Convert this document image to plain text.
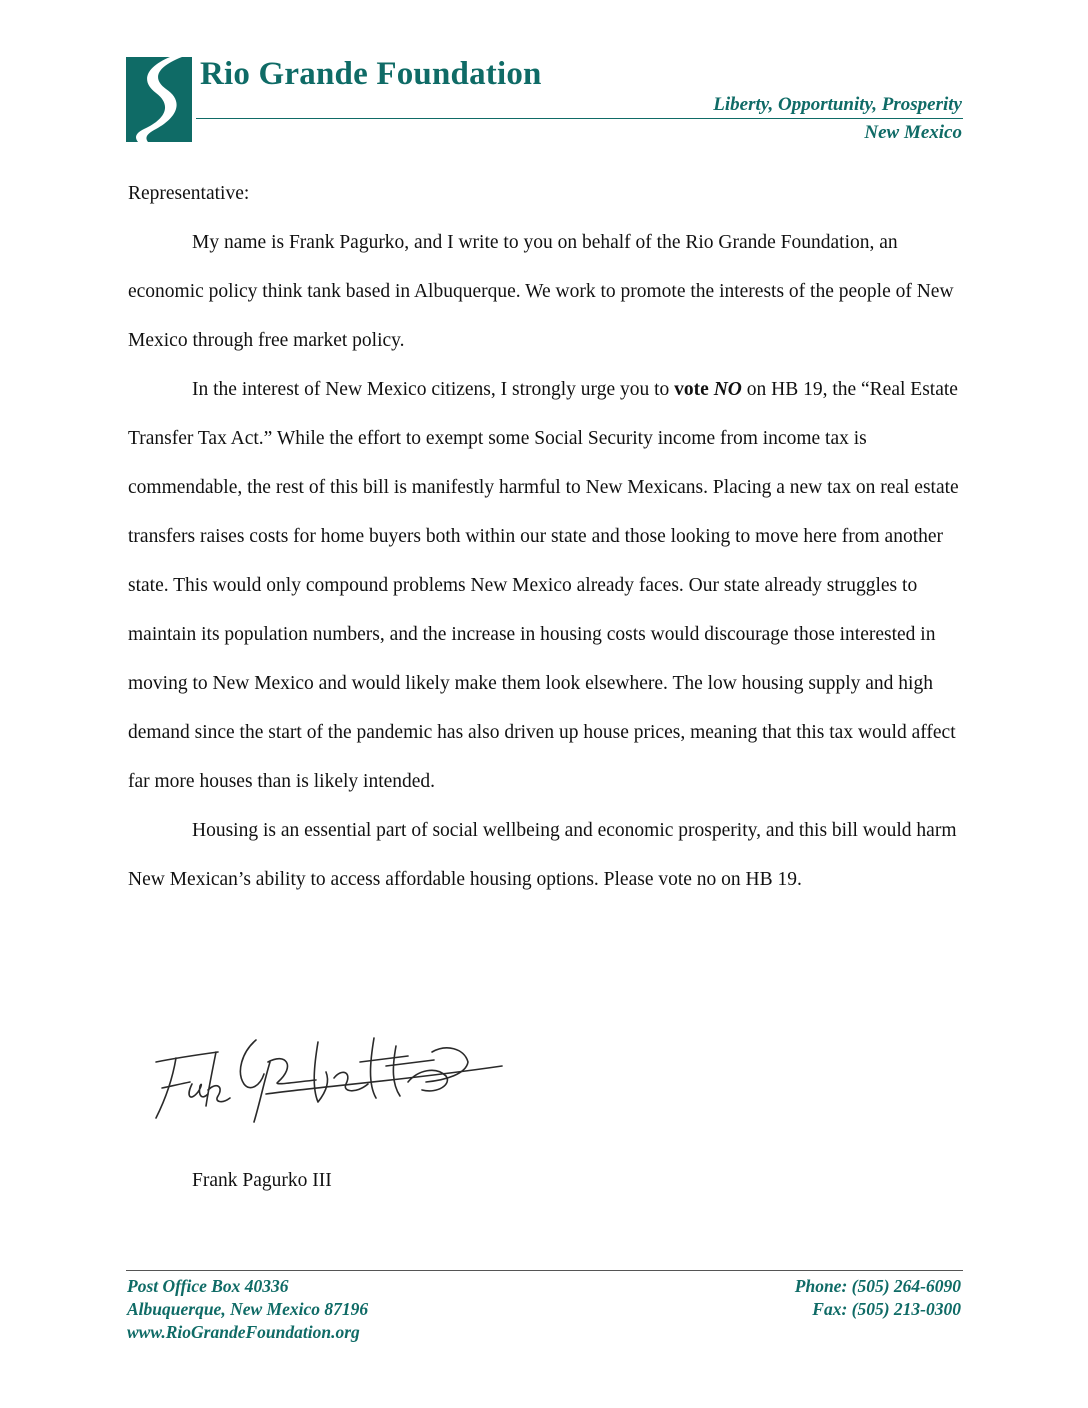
Rio Grande Foundation
Liberty, Opportunity, Prosperity
New Mexico

Representative:

My name is Frank Pagurko, and I write to you on behalf of the Rio Grande Foundation, an economic policy think tank based in Albuquerque. We work to promote the interests of the people of New Mexico through free market policy.

In the interest of New Mexico citizens, I strongly urge you to vote NO on HB 19, the “Real Estate Transfer Tax Act.” While the effort to exempt some Social Security income from income tax is commendable, the rest of this bill is manifestly harmful to New Mexicans. Placing a new tax on real estate transfers raises costs for home buyers both within our state and those looking to move here from another state. This would only compound problems New Mexico already faces. Our state already struggles to maintain its population numbers, and the increase in housing costs would discourage those interested in moving to New Mexico and would likely make them look elsewhere. The low housing supply and high demand since the start of the pandemic has also driven up house prices, meaning that this tax would affect far more houses than is likely intended.

Housing is an essential part of social wellbeing and economic prosperity, and this bill would harm New Mexican’s ability to access affordable housing options. Please vote no on HB 19.

Frank Pagurko III
Post Office Box 40336
Albuquerque, New Mexico 87196
www.RioGrandeFoundation.org
Phone: (505) 264-6090
Fax: (505) 213-0300
